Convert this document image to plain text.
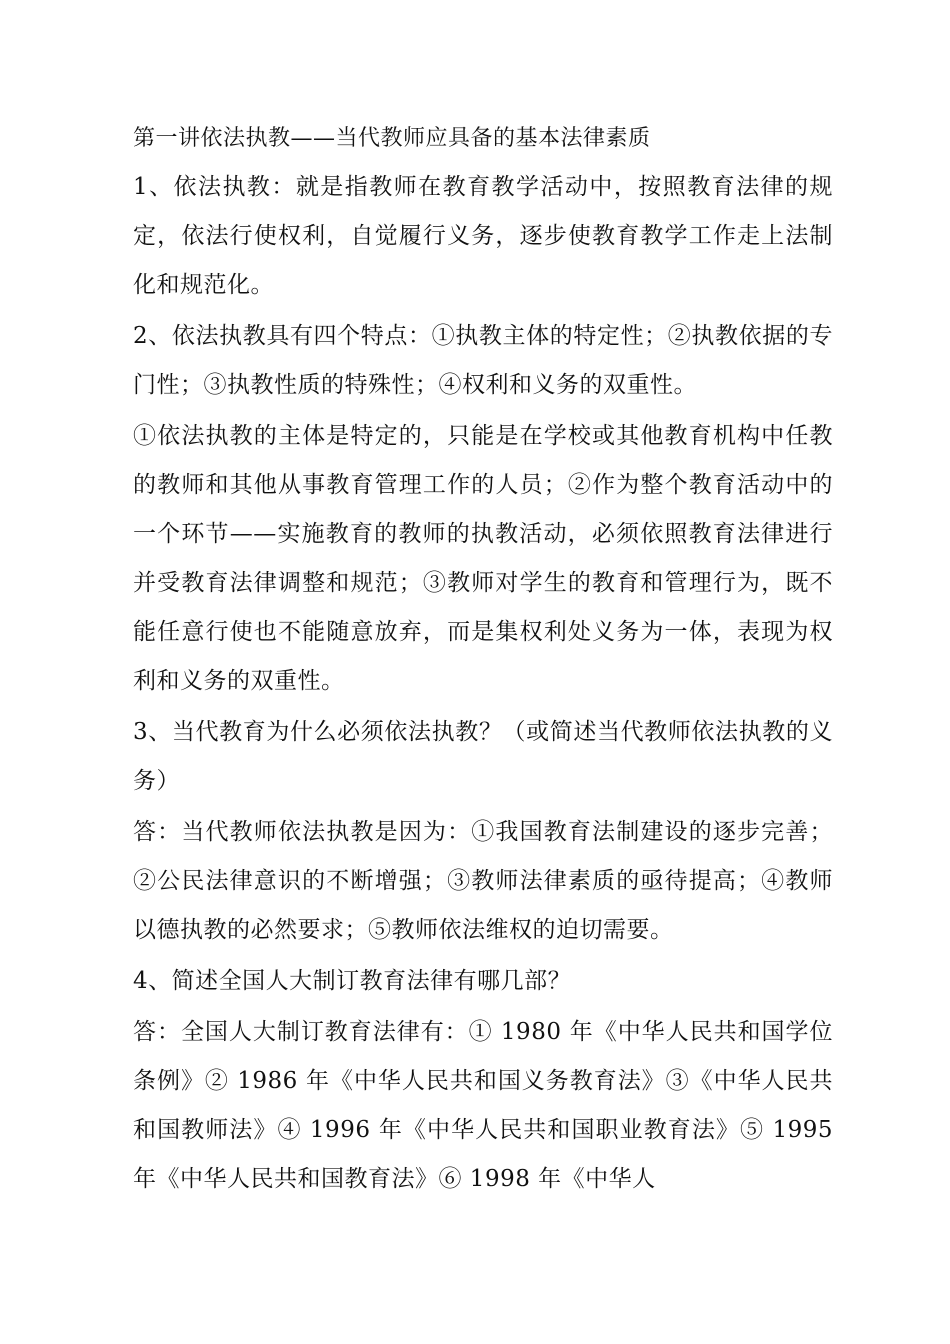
第一讲依法执教——当代教师应具备的基本法律素质

1、依法执教：就是指教师在教育教学活动中，按照教育法律的规定，依法行使权利，自觉履行义务，逐步使教育教学工作走上法制化和规范化。

2、依法执教具有四个特点：①执教主体的特定性；②执教依据的专门性；③执教性质的特殊性；④权利和义务的双重性。

①依法执教的主体是特定的，只能是在学校或其他教育机构中任教的教师和其他从事教育管理工作的人员；②作为整个教育活动中的一个环节——实施教育的教师的执教活动，必须依照教育法律进行并受教育法律调整和规范；③教师对学生的教育和管理行为，既不能任意行使也不能随意放弃，而是集权利处义务为一体，表现为权利和义务的双重性。

3、当代教育为什么必须依法执教？（或简述当代教师依法执教的义务）

答：当代教师依法执教是因为：①我国教育法制建设的逐步完善；②公民法律意识的不断增强；③教师法律素质的亟待提高；④教师以德执教的必然要求；⑤教师依法维权的迫切需要。

4、简述全国人大制订教育法律有哪几部？

答：全国人大制订教育法律有：① 1980 年《中华人民共和国学位条例》② 1986 年《中华人民共和国义务教育法》③《中华人民共和国教师法》④ 1996 年《中华人民共和国职业教育法》⑤ 1995 年《中华人民共和国教育法》⑥ 1998 年《中华人
